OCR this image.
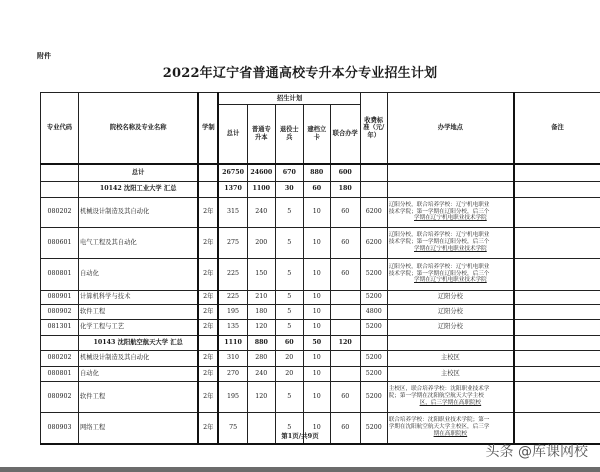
附件
2022年辽宁省普通高校专升本分专业招生计划
专业代码	院校名称及专业名称	学制	招生计划					收费标准（元/年）	办学地点	备注
			总计	普通专升本	退役士兵	建档立卡	联合办学			
	总计		26750	24600	670	880	600			
	10142 沈阳工业大学 汇总		1370	1100	30	60	180			
080202	机械设计制造及其自动化	2年	315	240	5	10	60	6200	辽阳分校，联合培养学校：辽宁机电职业
技术学院；第一学期在辽阳分校，后三个
学期在辽宁机电职业技术学院	

080601	电气工程及其自动化	2年	275	200	5	10	60	6200	辽阳分校，联合培养学校：辽宁机电职业
技术学院；第一学期在辽阳分校，后三个
学期在辽宁机电职业技术学院	

080801	自动化	2年	225	150	5	10	60	5200	辽阳分校，联合培养学校：辽宁机电职业
技术学院；第一学期在辽阳分校，后三个
学期在辽宁机电职业技术学院	

080901	计算机科学与技术	2年	225	210	5	10		5200	辽阳分校	
080902	软件工程	2年	195	180	5	10		4800	辽阳分校	
081301	化学工程与工艺	2年	135	120	5	10		5200	辽阳分校	
	10143 沈阳航空航天大学 汇总		1110	880	60	50	120			
080202	机械设计制造及其自动化	2年	310	280	20	10		5200	主校区	
080801	自动化	2年	270	240	20	10		5200	主校区	
080902	软件工程	2年	195	120	5	10	60	5200	主校区，联合培养学校：沈阳职业技术学
院；第一学期在沈阳航空航天大学主校
区，后三学期在高职院校	

080903	网络工程	2年	75		5	10	60	5200	联合培养学校：沈阳职业技术学院；第一
学期在沈阳航空航天大学主校区，后三学
期在高职院校	

第1页/共9页
头条 @库课网校
